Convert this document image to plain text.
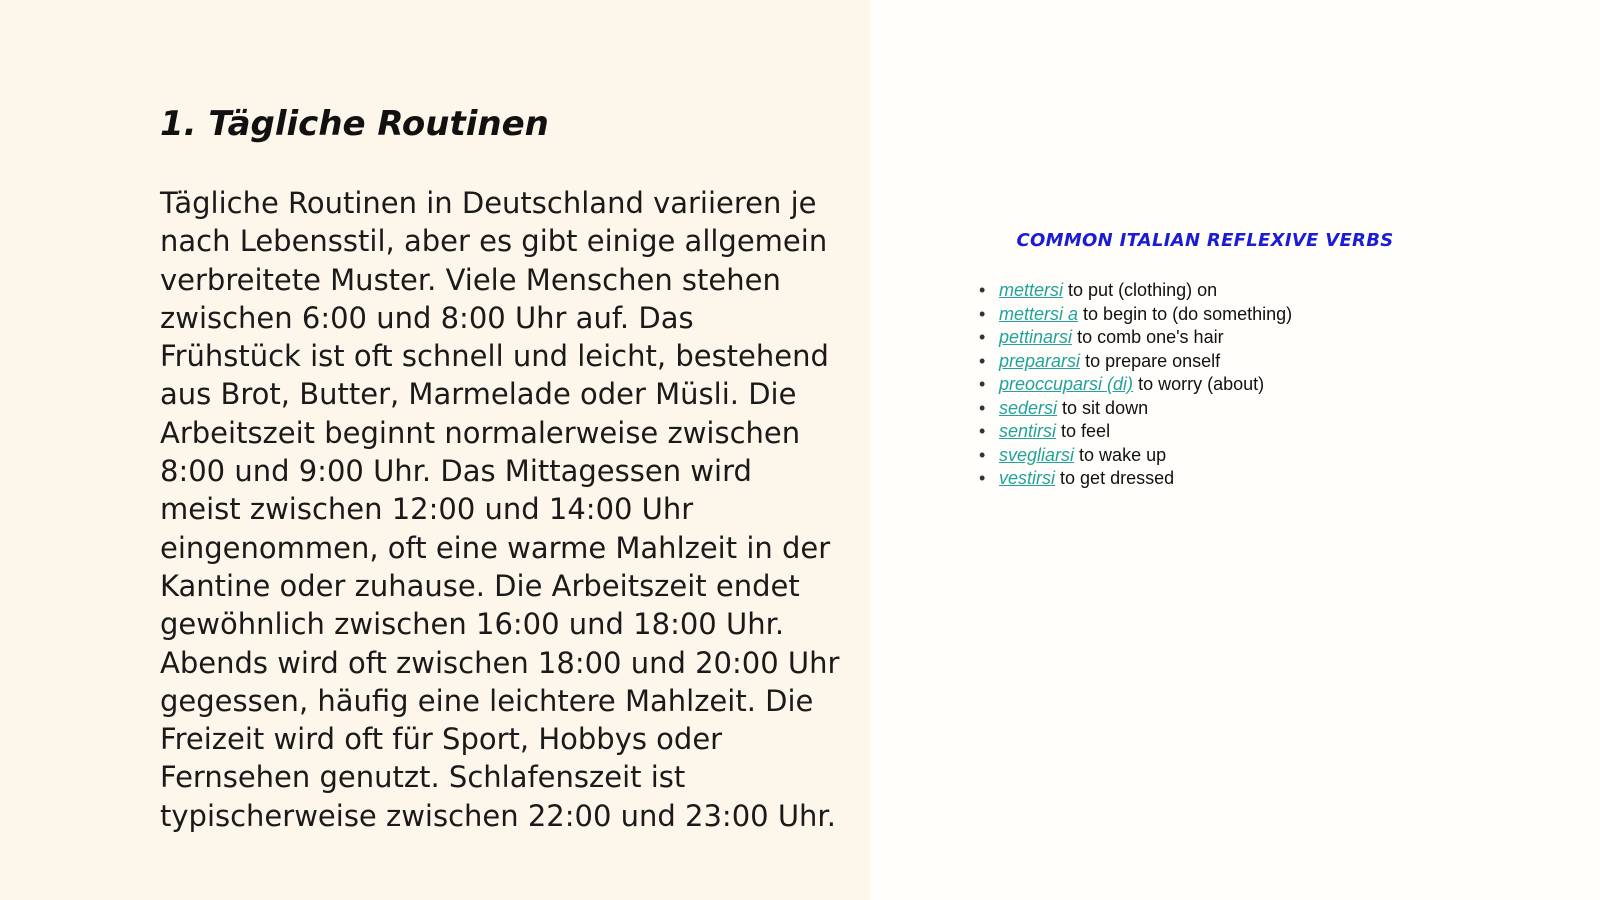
1. Tägliche Routinen

Tägliche Routinen in Deutschland variieren je nach Lebensstil, aber es gibt einige allgemein verbreitete Muster. Viele Menschen stehen zwischen 6:00 und 8:00 Uhr auf. Das Frühstück ist oft schnell und leicht, bestehend aus Brot, Butter, Marmelade oder Müsli. Die Arbeitszeit beginnt normalerweise zwischen 8:00 und 9:00 Uhr. Das Mittagessen wird meist zwischen 12:00 und 14:00 Uhr eingenommen, oft eine warme Mahlzeit in der Kantine oder zuhause. Die Arbeitszeit endet gewöhnlich zwischen 16:00 und 18:00 Uhr. Abends wird oft zwischen 18:00 und 20:00 Uhr gegessen, häufig eine leichtere Mahlzeit. Die Freizeit wird oft für Sport, Hobbys oder Fernsehen genutzt. Schlafenszeit ist typischerweise zwischen 22:00 und 23:00 Uhr.

COMMON ITALIAN REFLEXIVE VERBS

• mettersi to put (clothing) on
• mettersi a to begin to (do something)
• pettinarsi to comb one's hair
• prepararsi to prepare onself
• preoccuparsi (di) to worry (about)
• sedersi to sit down
• sentirsi to feel
• svegliarsi to wake up
• vestirsi to get dressed
